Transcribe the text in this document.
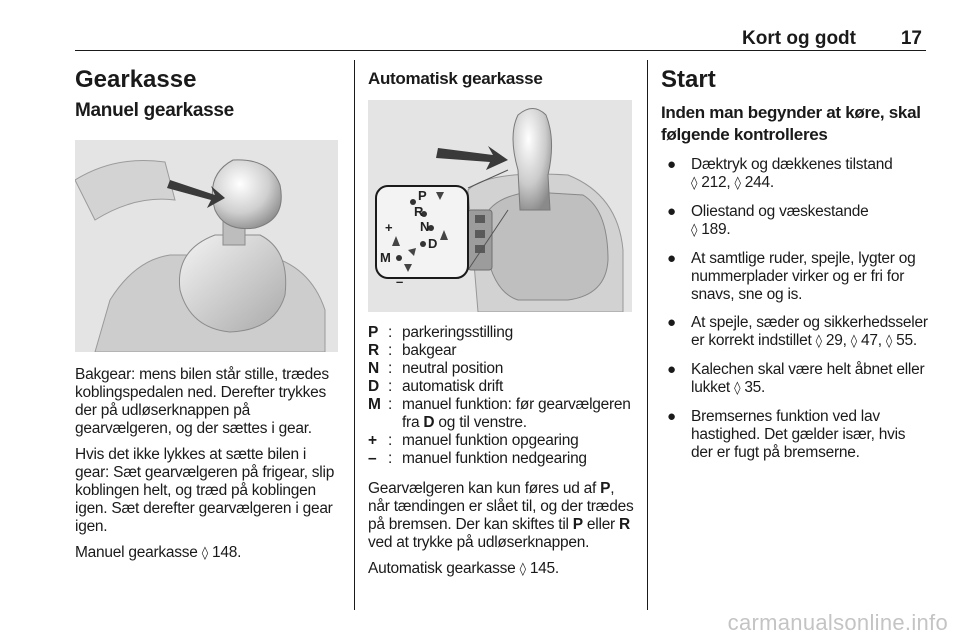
Kort og godt 17
Gearkasse
Manuel gearkasse

Bakgear: mens bilen står stille, trædes koblingspedalen ned. Derefter trykkes der på udløserknappen på gearvælgeren, og der sættes i gear.

Hvis det ikke lykkes at sætte bilen i gear: Sæt gearvælgeren på frigear, slip koblingen helt, og træd på koblingen igen. Sæt derefter gearvælgeren i gear igen.

Manuel gearkasse ◊ 148.

Automatisk gearkasse
+
–
P
R
N
D
M
P : parkeringsstilling
R : bakgear
N : neutral position
D : automatisk drift
M : manuel funktion: før gearvælgeren fra D og til venstre.
+ : manuel funktion opgearing
– : manuel funktion nedgearing

Gearvælgeren kan kun føres ud af P, når tændingen er slået til, og der trædes på bremsen. Der kan skiftes til P eller R ved at trykke på udløserknappen.

Automatisk gearkasse ◊ 145.

Start
Inden man begynder at køre, skal følgende kontrolleres
● Dæktryk og dækkenes tilstand
◊ 212, ◊ 244.
● Oliestand og væskestande
◊ 189.
● At samtlige ruder, spejle, lygter og nummerplader virker og er fri for snavs, sne og is.
● At spejle, sæder og sikkerhedsseler er korrekt indstillet ◊ 29, ◊ 47, ◊ 55.
● Kalechen skal være helt åbnet eller lukket ◊ 35.
● Bremsernes funktion ved lav hastighed. Det gælder især, hvis der er fugt på bremserne.
carmanualsonline.info
